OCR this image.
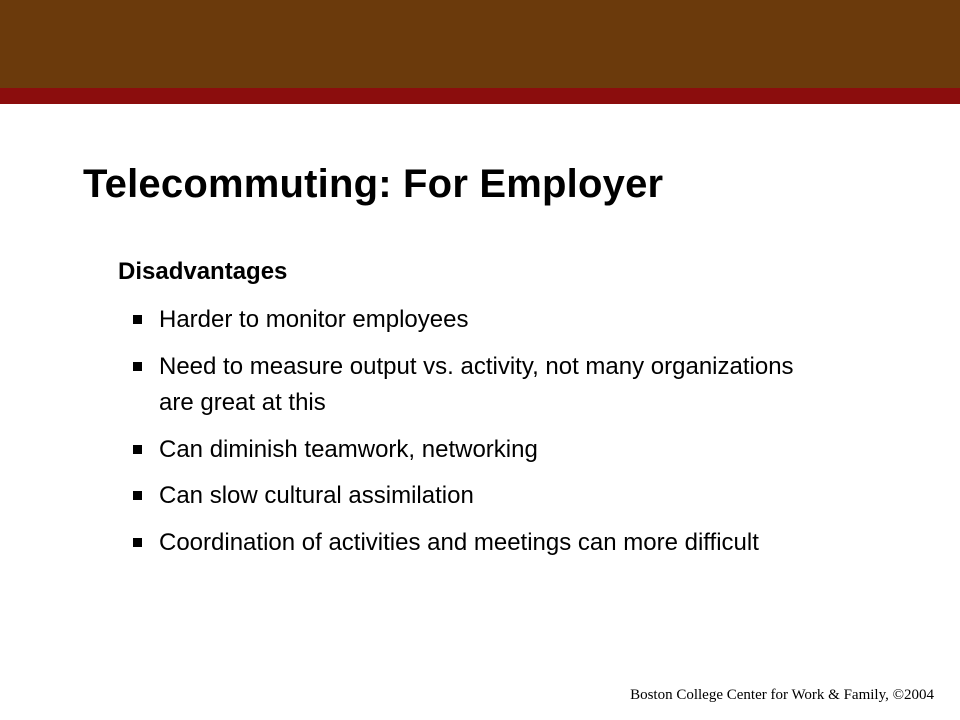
Telecommuting: For Employer
Disadvantages
Harder to monitor employees
Need to measure output vs. activity, not many organizations are great at this
Can diminish teamwork, networking
Can slow cultural assimilation
Coordination of activities and meetings can more difficult
Boston College Center for Work & Family, ©2004
